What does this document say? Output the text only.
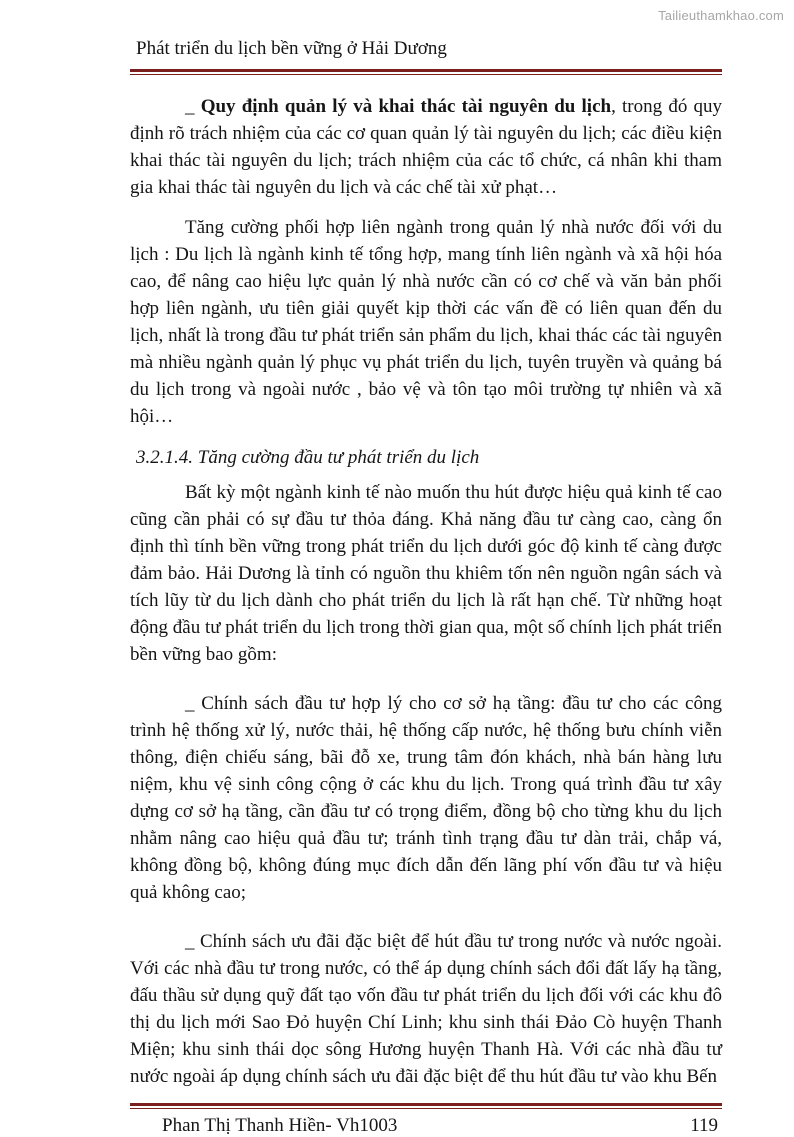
Tailieuthamkhao.com
Phát triển du lịch bền vững ở Hải Dương

_ Quy định quản lý và khai thác tài nguyên du lịch, trong đó quy định rõ trách nhiệm của các cơ quan quản lý tài nguyên du lịch; các điều kiện khai thác tài nguyên du lịch; trách nhiệm của các tổ chức, cá nhân khi tham gia khai thác tài nguyên du lịch và các chế tài xử phạt…

Tăng cường phối hợp liên ngành trong quản lý nhà nước đối với du lịch : Du lịch là ngành kinh tế tổng hợp, mang tính liên ngành và xã hội hóa cao, để nâng cao hiệu lực quản lý nhà nước cần có cơ chế và văn bản phối hợp liên ngành, ưu tiên giải quyết kịp thời các vấn đề có liên quan đến du lịch, nhất là trong đầu tư phát triển sản phẩm du lịch, khai thác các tài nguyên mà nhiều ngành quản lý phục vụ phát triển du lịch, tuyên truyền và quảng bá du lịch trong và ngoài nước , bảo vệ và tôn tạo môi trường tự nhiên và xã hội…

3.2.1.4. Tăng cường đầu tư phát triển du lịch

Bất kỳ một ngành kinh tế nào muốn thu hút được hiệu quả kinh tế cao cũng cần phải có sự đầu tư thỏa đáng. Khả năng đầu tư càng cao, càng ổn định thì tính bền vững trong phát triển du lịch dưới góc độ kinh tế càng được đảm bảo. Hải Dương là tỉnh có nguồn thu khiêm tốn nên nguồn ngân sách và tích lũy từ du lịch dành cho phát triển du lịch là rất hạn chế. Từ những hoạt động đầu tư phát triển du lịch trong thời gian qua, một số chính lịch phát triển bền vững bao gồm:

_ Chính sách đầu tư hợp lý cho cơ sở hạ tầng: đầu tư cho các công trình hệ thống xử lý, nước thải, hệ thống cấp nước, hệ thống bưu chính viễn thông, điện chiếu sáng, bãi đỗ xe, trung tâm đón khách, nhà bán hàng lưu niệm, khu vệ sinh công cộng ở các khu du lịch. Trong quá trình đầu tư xây dựng cơ sở hạ tầng, cần đầu tư có trọng điểm, đồng bộ cho từng khu du lịch nhằm nâng cao hiệu quả đầu tư; tránh tình trạng đầu tư dàn trải, chắp vá, không đồng bộ, không đúng mục đích dẫn đến lãng phí vốn đầu tư và hiệu quả không cao;

_ Chính sách ưu đãi đặc biệt để hút đầu tư trong nước và nước ngoài. Với các nhà đầu tư trong nước, có thể áp dụng chính sách đổi đất lấy hạ tầng, đấu thầu sử dụng quỹ đất tạo vốn đầu tư phát triển du lịch đối với các khu đô thị du lịch mới Sao Đỏ huyện Chí Linh; khu sinh thái Đảo Cò huyện Thanh Miện; khu sinh thái dọc sông Hương huyện Thanh Hà. Với các nhà đầu tư nước ngoài áp dụng chính sách ưu đãi đặc biệt để thu hút đầu tư vào khu Bến

Phan Thị Thanh Hiền- Vh1003	119
